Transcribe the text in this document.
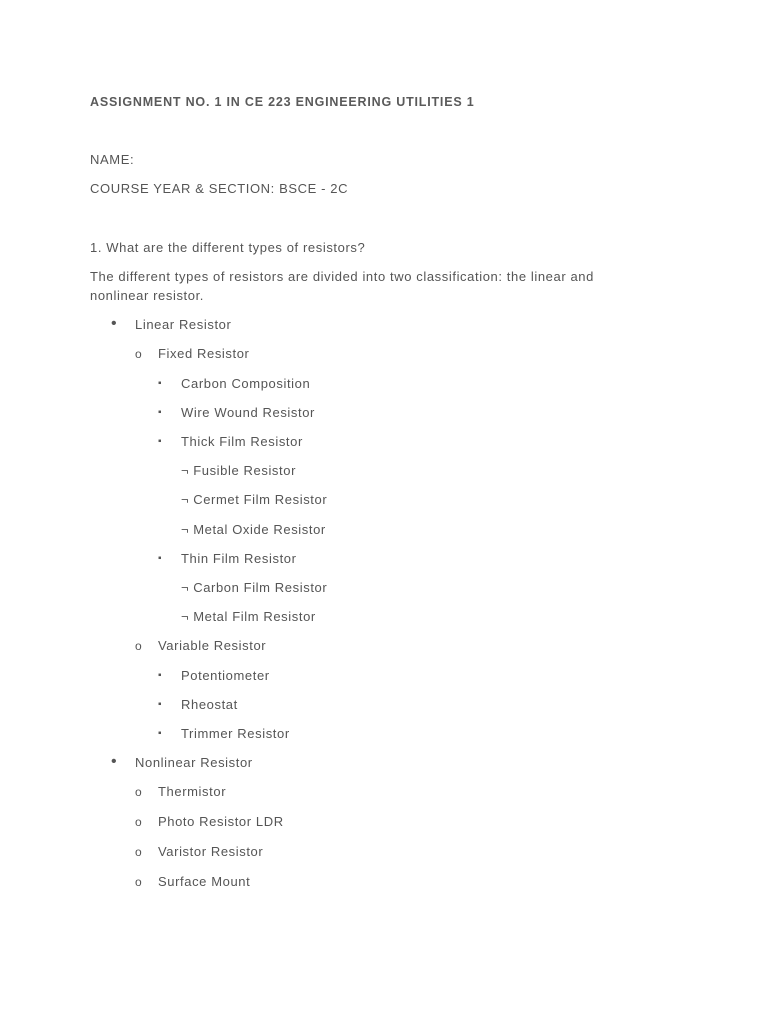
ASSIGNMENT NO. 1 IN CE 223 ENGINEERING UTILITIES 1
NAME:
COURSE YEAR & SECTION: BSCE - 2C
1. What are the different types of resistors?
The different types of resistors are divided into two classification: the linear and nonlinear resistor.
• Linear Resistor
o Fixed Resistor
▪ Carbon Composition
▪ Wire Wound Resistor
▪ Thick Film Resistor
¬ Fusible Resistor
¬ Cermet Film Resistor
¬ Metal Oxide Resistor
▪ Thin Film Resistor
¬ Carbon Film Resistor
¬ Metal Film Resistor
o Variable Resistor
▪ Potentiometer
▪ Rheostat
▪ Trimmer Resistor
• Nonlinear Resistor
o Thermistor
o Photo Resistor LDR
o Varistor Resistor
o Surface Mount
